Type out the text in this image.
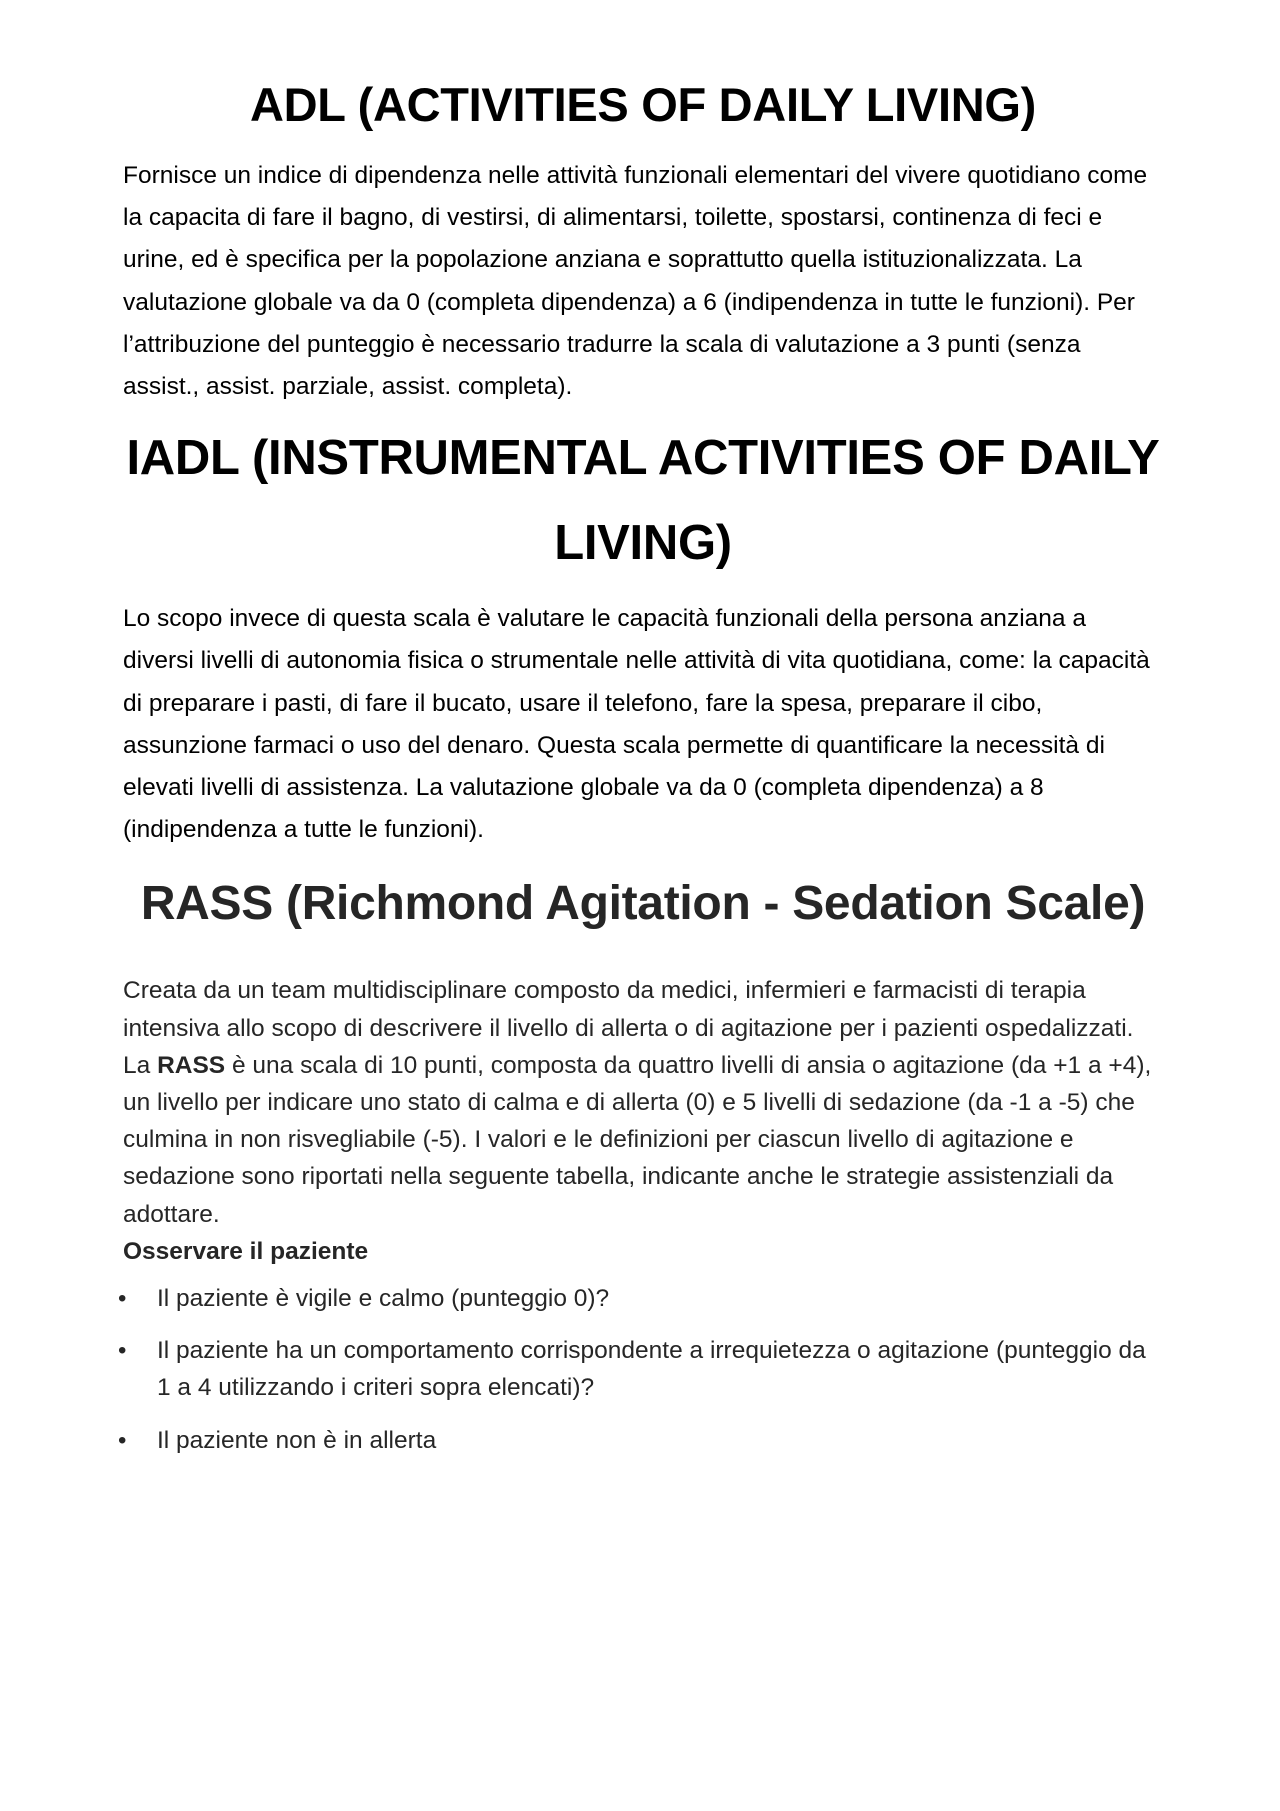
ADL (ACTIVITIES OF DAILY LIVING)

Fornisce un indice di dipendenza nelle attività funzionali elementari del vivere quotidiano come la capacita di fare il bagno, di vestirsi, di alimentarsi, toilette, spostarsi, continenza di feci e urine, ed è specifica per la popolazione anziana e soprattutto quella istituzionalizzata. La valutazione globale va da 0 (completa dipendenza) a 6 (indipendenza in tutte le funzioni). Per l’attribuzione del punteggio è necessario tradurre la scala di valutazione a 3 punti (senza assist., assist. parziale, assist. completa).

IADL (INSTRUMENTAL ACTIVITIES OF DAILY LIVING)

Lo scopo invece di questa scala è valutare le capacità funzionali della persona anziana a diversi livelli di autonomia fisica o strumentale nelle attività di vita quotidiana, come: la capacità di preparare i pasti, di fare il bucato, usare il telefono, fare la spesa, preparare il cibo, assunzione farmaci o uso del denaro. Questa scala permette di quantificare la necessità di elevati livelli di assistenza. La valutazione globale va da 0 (completa dipendenza) a 8 (indipendenza a tutte le funzioni).

RASS (Richmond Agitation - Sedation Scale)

Creata da un team multidisciplinare composto da medici, infermieri e farmacisti di terapia intensiva allo scopo di descrivere il livello di allerta o di agitazione per i pazienti ospedalizzati.

La RASS è una scala di 10 punti, composta da quattro livelli di ansia o agitazione (da +1 a +4), un livello per indicare uno stato di calma e di allerta (0) e 5 livelli di sedazione (da -1 a -5) che culmina in non risvegliabile (-5). I valori e le definizioni per ciascun livello di agitazione e sedazione sono riportati nella seguente tabella, indicante anche le strategie assistenziali da adottare.

Osservare il paziente

• Il paziente è vigile e calmo (punteggio 0)?
• Il paziente ha un comportamento corrispondente a irrequietezza o agitazione (punteggio da 1 a 4 utilizzando i criteri sopra elencati)?
• Il paziente non è in allerta
